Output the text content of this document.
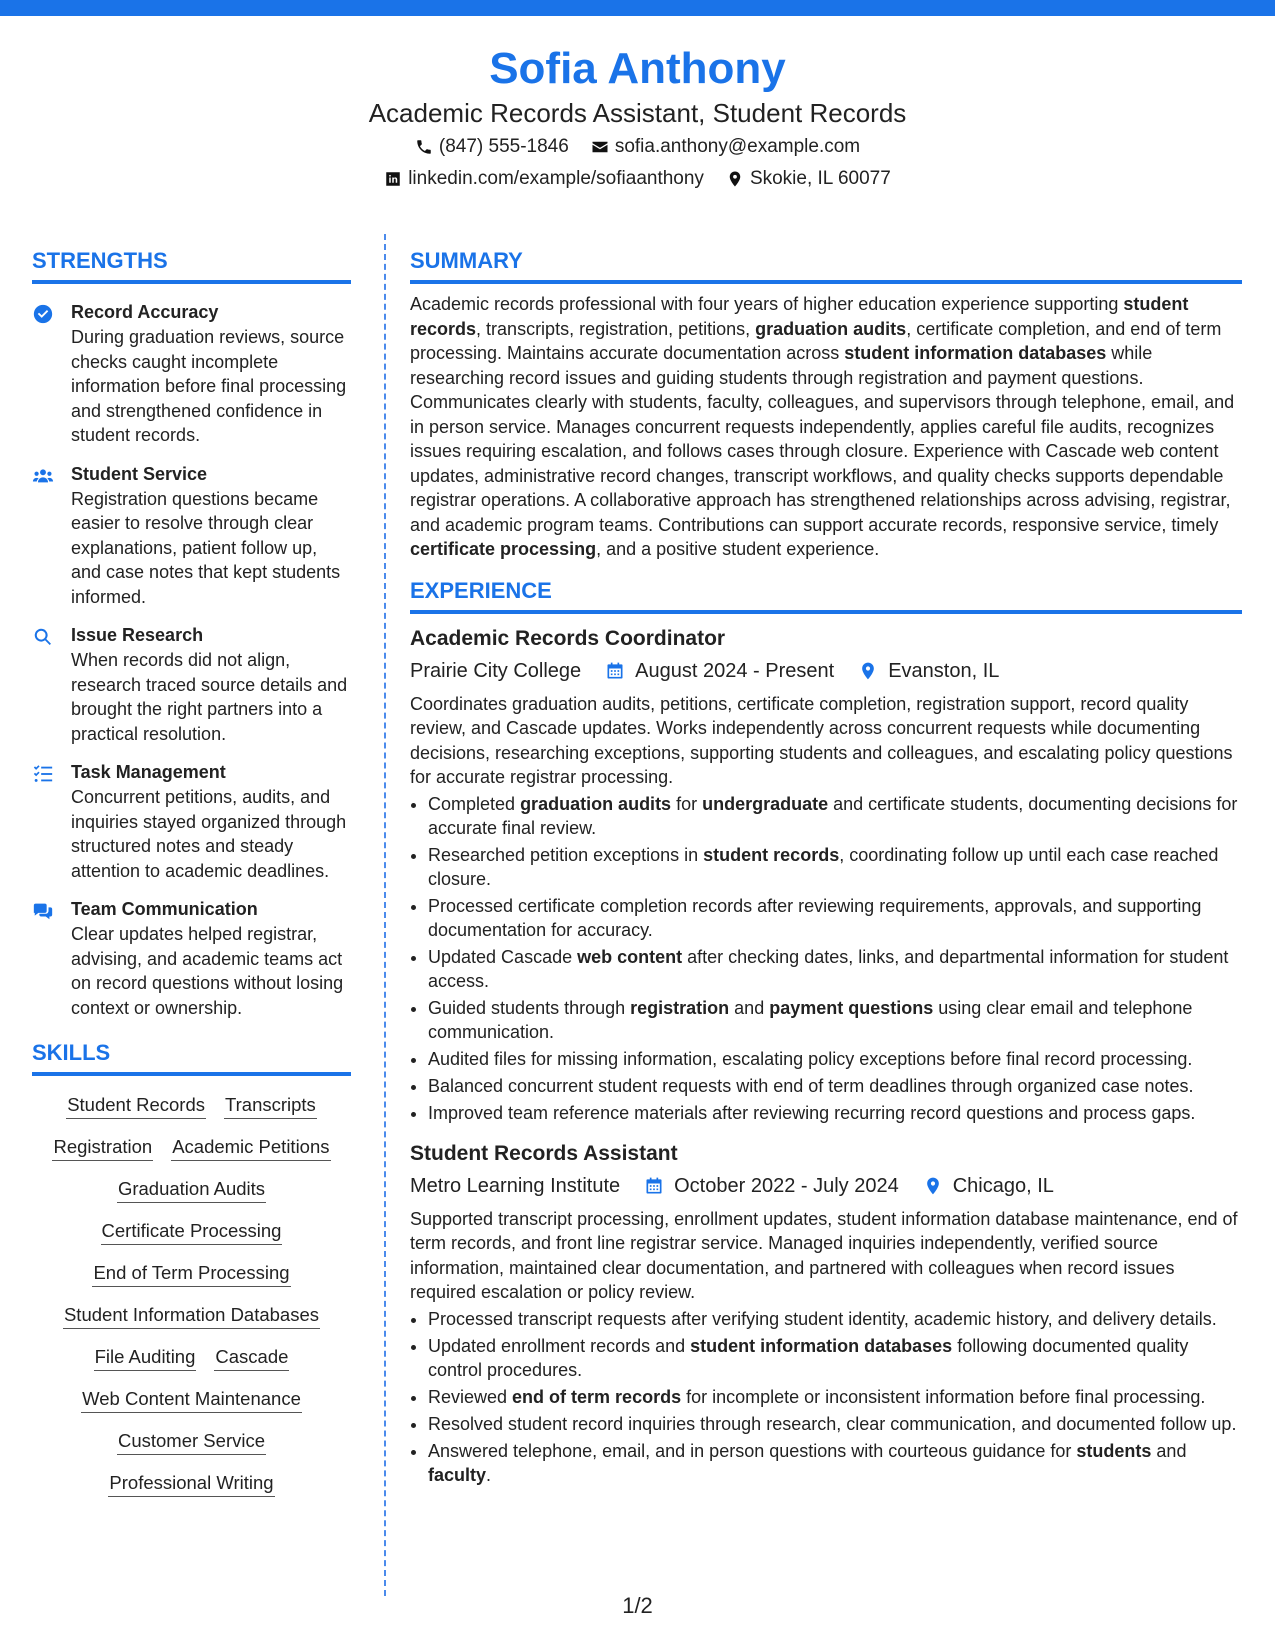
Sofia Anthony
Academic Records Assistant, Student Records
(847) 555-1846 sofia.anthony@example.com
linkedin.com/example/sofiaanthony Skokie, IL 60077
STRENGTHS
Record Accuracy
During graduation reviews, source checks caught incomplete information before final processing and strengthened confidence in student records.
Student Service
Registration questions became easier to resolve through clear explanations, patient follow up, and case notes that kept students informed.
Issue Research
When records did not align, research traced source details and brought the right partners into a practical resolution.
Task Management
Concurrent petitions, audits, and inquiries stayed organized through structured notes and steady attention to academic deadlines.
Team Communication
Clear updates helped registrar, advising, and academic teams act on record questions without losing context or ownership.
SKILLS
Student Records Transcripts
Registration Academic Petitions
Graduation Audits
Certificate Processing
End of Term Processing
Student Information Databases
File Auditing Cascade
Web Content Maintenance
Customer Service
Professional Writing
SUMMARY
Academic records professional with four years of higher education experience supporting student records, transcripts, registration, petitions, graduation audits, certificate completion, and end of term processing. Maintains accurate documentation across student information databases while researching record issues and guiding students through registration and payment questions. Communicates clearly with students, faculty, colleagues, and supervisors through telephone, email, and in person service. Manages concurrent requests independently, applies careful file audits, recognizes issues requiring escalation, and follows cases through closure. Experience with Cascade web content updates, administrative record changes, transcript workflows, and quality checks supports dependable registrar operations. A collaborative approach has strengthened relationships across advising, registrar, and academic program teams. Contributions can support accurate records, responsive service, timely certificate processing, and a positive student experience.
EXPERIENCE
Academic Records Coordinator
Prairie City College	August 2024 - Present	Evanston, IL
Coordinates graduation audits, petitions, certificate completion, registration support, record quality review, and Cascade updates. Works independently across concurrent requests while documenting decisions, researching exceptions, supporting students and colleagues, and escalating policy questions for accurate registrar processing.
• Completed graduation audits for undergraduate and certificate students, documenting decisions for accurate final review.
• Researched petition exceptions in student records, coordinating follow up until each case reached closure.
• Processed certificate completion records after reviewing requirements, approvals, and supporting documentation for accuracy.
• Updated Cascade web content after checking dates, links, and departmental information for student access.
• Guided students through registration and payment questions using clear email and telephone communication.
• Audited files for missing information, escalating policy exceptions before final record processing.
• Balanced concurrent student requests with end of term deadlines through organized case notes.
• Improved team reference materials after reviewing recurring record questions and process gaps.
Student Records Assistant
Metro Learning Institute	October 2022 - July 2024	Chicago, IL
Supported transcript processing, enrollment updates, student information database maintenance, end of term records, and front line registrar service. Managed inquiries independently, verified source information, maintained clear documentation, and partnered with colleagues when record issues required escalation or policy review.
• Processed transcript requests after verifying student identity, academic history, and delivery details.
• Updated enrollment records and student information databases following documented quality control procedures.
• Reviewed end of term records for incomplete or inconsistent information before final processing.
• Resolved student record inquiries through research, clear communication, and documented follow up.
• Answered telephone, email, and in person questions with courteous guidance for students and faculty.
1/2
